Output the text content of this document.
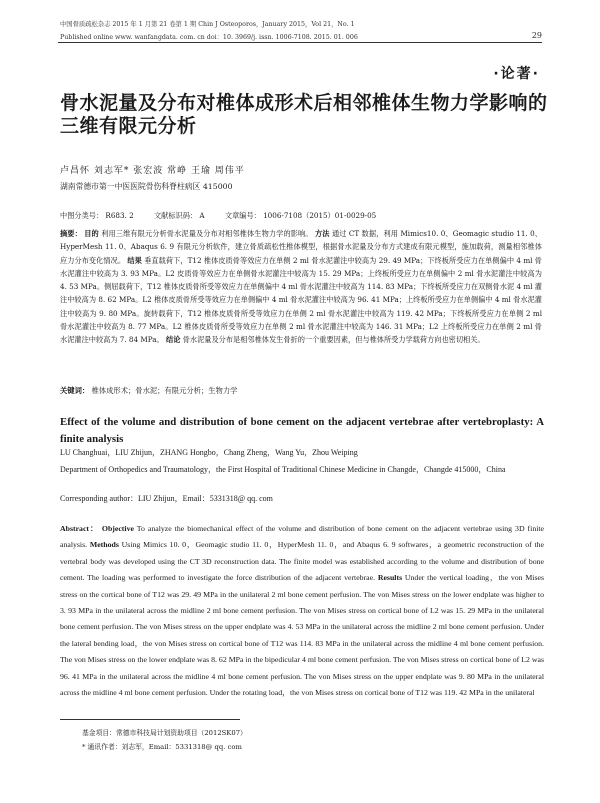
中国骨质疏松杂志 2015 年 1 月第 21 卷第 1 期 Chin J Osteoporos，January 2015，Vol 21，No. 1
Published online www. wanfangdata. com. cn doi：10. 3969/j. issn. 1006-7108. 2015. 01. 006	29
·论著·
骨水泥量及分布对椎体成形术后相邻椎体生物力学影响的三维有限元分析
卢昌怀 刘志军* 张宏波 常峥 王瑜 周伟平
湖南常德市第一中医医院骨伤科脊柱病区 415000
中图分类号： R683. 2	文献标识码： A	文章编号： 1006-7108（2015）01-0029-05
摘要： 目的 利用三维有限元分析骨水泥量及分布对相邻椎体生物力学的影响。 方法 通过 CT 数据，利用 Mimics10. 0、Geomagic studio 11. 0、HyperMesh 11. 0、Abaqus 6. 9 有限元分析软件，建立骨质疏松性椎体模型，根据骨水泥量及分布方式建成有限元模型，施加载荷，测量相邻椎体应力分布变化情况。 结果 垂直载荷下，T12 椎体皮质骨等效应力在单侧 2 ml 骨水泥灌注中较高为 29. 49 MPa；下终板所受应力在单侧偏中 4 ml 骨水泥灌注中较高为 3. 93 MPa。L2 皮质骨等效应力在单侧骨水泥灌注中较高为 15. 29 MPa；上终板所受应力在单侧偏中 2 ml 骨水泥灌注中较高为 4. 53 MPa。侧屈载荷下，T12 椎体皮质骨所受等效应力在单侧偏中 4 ml 骨水泥灌注中较高为 114. 83 MPa；下终板所受应力在双侧骨水泥 4 ml 灌注中较高为 8. 62 MPa。L2 椎体皮质骨所受等效应力在单侧偏中 4 ml 骨水泥灌注中较高为 96. 41 MPa；上终板所受应力在单侧偏中 4 ml 骨水泥灌注中较高为 9. 80 MPa。旋转载荷下，T12 椎体皮质骨所受等效应力在单侧 2 ml 骨水泥灌注中较高为 119. 42 MPa；下终板所受应力在单侧 2 ml 骨水泥灌注中较高为 8. 77 MPa。L2 椎体皮质骨所受等效应力在单侧 2 ml 骨水泥灌注中较高为 146. 31 MPa；L2 上终板所受应力在单侧 2 ml 骨水泥灌注中较高为 7. 84 MPa。 结论 骨水泥量及分布是相邻椎体发生骨折的一个重要因素，但与椎体所受力学载荷方向也密切相关。
关键词： 椎体成形术；骨水泥；有限元分析；生物力学
Effect of the volume and distribution of bone cement on the adjacent vertebrae after vertebroplasty: A finite analysis
LU Changhuai，LIU Zhijun，ZHANG Hongbo，Chang Zheng，Wang Yu，Zhou Weiping
Department of Orthopedics and Traumatology，the First Hospital of Traditional Chinese Medicine in Changde，Changde 415000，China
Corresponding author：LIU Zhijun，Email：5331318@ qq. com
Abstract： Objective To analyze the biomechanical effect of the volume and distribution of bone cement on the adjacent vertebrae using 3D finite analysis. Methods Using Mimics 10. 0，Geomagic studio 11. 0，HyperMesh 11. 0，and Abaqus 6. 9 softwares，a geometric reconstruction of the vertebral body was developed using the CT 3D reconstruction data. The finite model was established according to the volume and distribution of bone cement. The loading was performed to investigate the force distribution of the adjacent vertebrae. Results Under the vertical loading，the von Mises stress on the cortical bone of T12 was 29. 49 MPa in the unilateral 2 ml bone cement perfusion. The von Mises stress on the lower endplate was higher to 3. 93 MPa in the unilateral across the midline 2 ml bone cement perfusion. The von Mises stress on cortical bone of L2 was 15. 29 MPa in the unilateral bone cement perfusion. The von Mises stress on the upper endplate was 4. 53 MPa in the unilateral across the midline 2 ml bone cement perfusion. Under the lateral bending load，the von Mises stress on cortical bone of T12 was 114. 83 MPa in the unilateral across the midline 4 ml bone cement perfusion. The von Mises stress on the lower endplate was 8. 62 MPa in the bipedicular 4 ml bone cement perfusion. The von Mises stress on cortical bone of L2 was 96. 41 MPa in the unilateral across the midline 4 ml bone cement perfusion. The von Mises stress on the upper endplate was 9. 80 MPa in the unilateral across the midline 4 ml bone cement perfusion. Under the rotating load，the von Mises stress on cortical bone of T12 was 119. 42 MPa in the unilateral
基金项目：常德市科技局计划资助项目（2012SK07）
* 通讯作者：刘志军，Email：5331318@ qq. com
